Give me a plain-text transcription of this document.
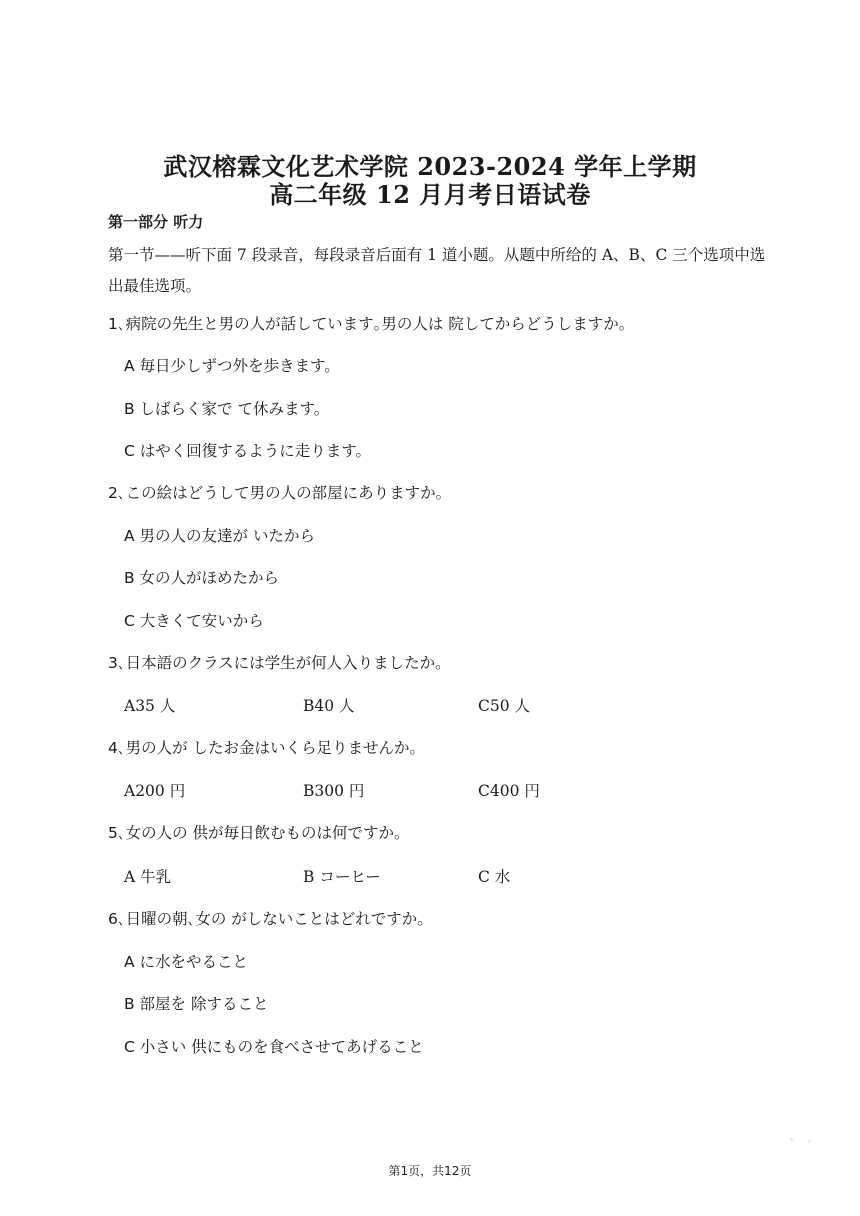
武汉榕霖文化艺术学院 2023-2024 学年上学期
高二年级 12 月月考日语试卷
第一部分 听力
第一节——听下面 7 段录音，每段录音后面有 1 道小题。从题中所给的 A、B、C 三个选项中选
出最佳选项。
1､病院の先生と男の人が話しています｡男の人は 院してからどうしますか。
A 毎日少しずつ外を歩きます。
B しばらく家で て休みます。
C はやく回復するように走ります。
2､この絵はどうして男の人の部屋にありますか。
A 男の人の友達が いたから
B 女の人がほめたから
C 大きくて安いから
3､日本語のクラスには学生が何人入りましたか。
A35 人	B40 人	C50 人
4､男の人が したお金はいくら足りませんか。
A200 円	B300 円	C400 円
5､女の人の 供が毎日飲むものは何ですか。
A 牛乳	B コーヒー	C 水
6､日曜の朝､女の がしないことはどれですか。
A に水をやること
B 部屋を 除すること
C 小さい 供にものを食べさせてあげること
第1页，共12页
